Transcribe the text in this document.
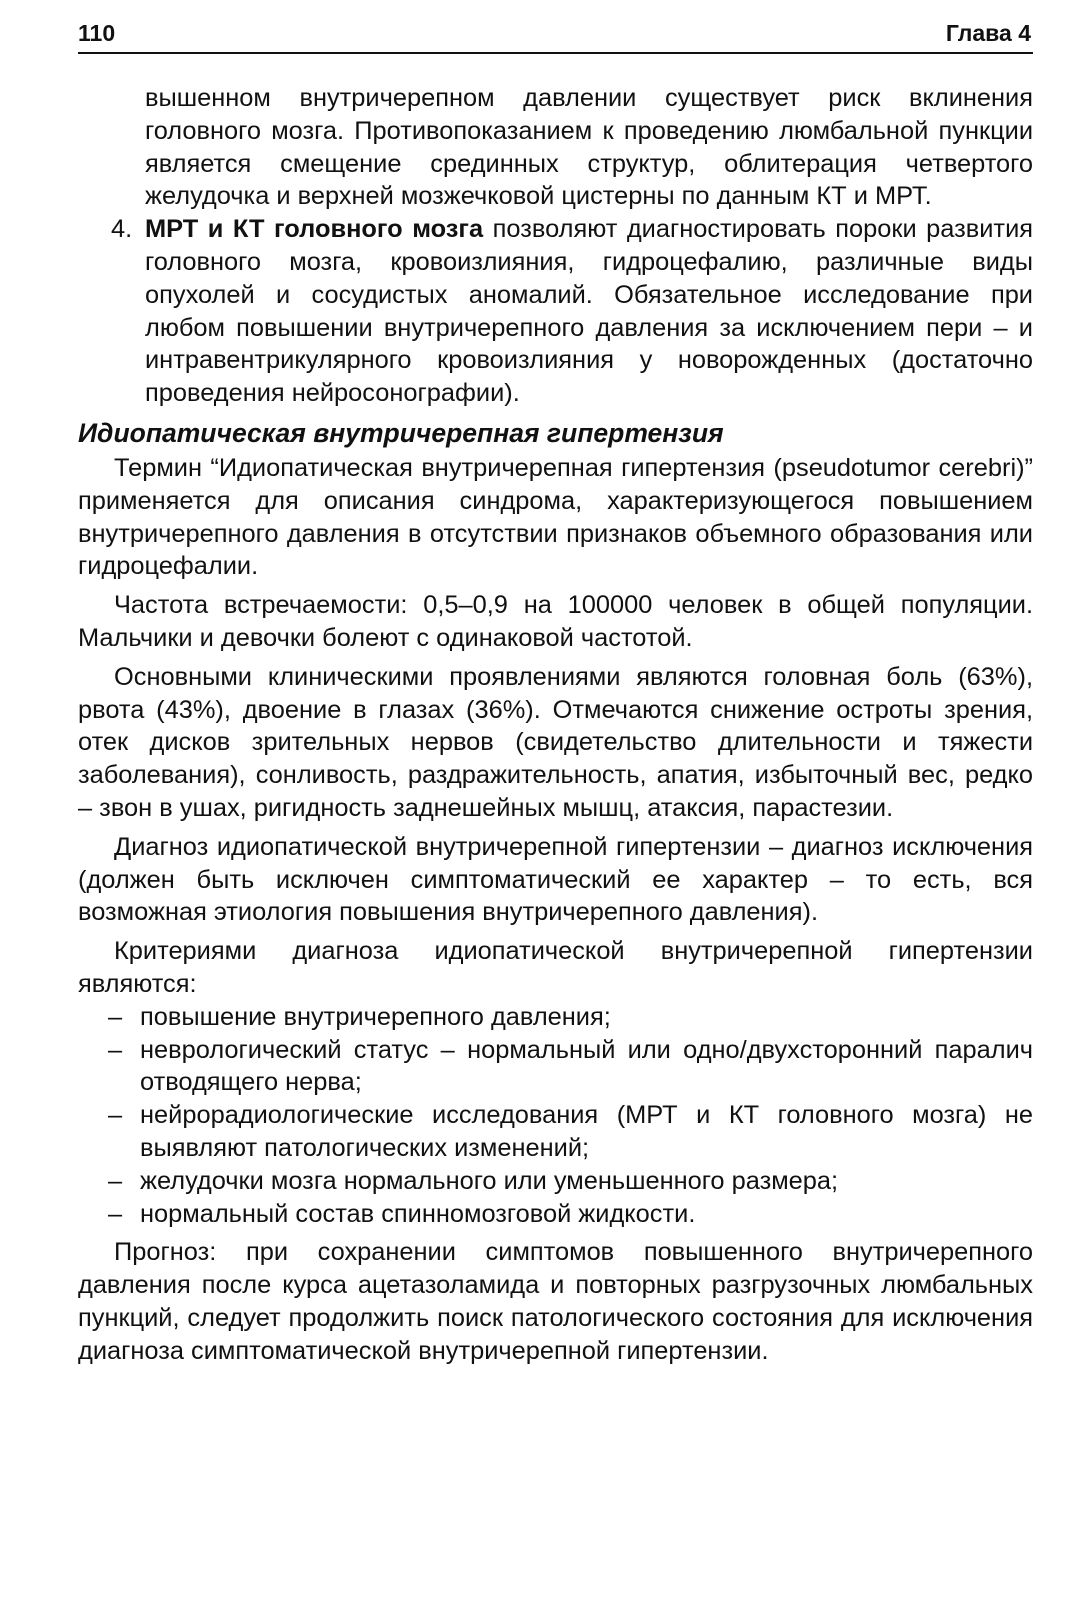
110	Глава 4

вышенном внутричерепном давлении существует риск вклинения головного мозга. Противопоказанием к проведению люмбальной пункции является смещение срединных структур, облитерация четвертого желудочка и верхней мозжечковой цистерны по данным КТ и МРТ.

4. МРТ и КТ головного мозга позволяют диагностировать пороки развития головного мозга, кровоизлияния, гидроцефалию, различные виды опухолей и сосудистых аномалий. Обязательное исследование при любом повышении внутричерепного давления за исключением пери – и интравентрикулярного кровоизлияния у новорожденных (достаточно проведения нейросонографии).

Идиопатическая внутричерепная гипертензия

Термин “Идиопатическая внутричерепная гипертензия (pseudotumor cerebri)” применяется для описания синдрома, характеризующегося повышением внутричерепного давления в отсутствии признаков объемного образования или гидроцефалии.

Частота встречаемости: 0,5–0,9 на 100000 человек в общей популяции. Мальчики и девочки болеют с одинаковой частотой.

Основными клиническими проявлениями являются головная боль (63%), рвота (43%), двоение в глазах (36%). Отмечаются снижение остроты зрения, отек дисков зрительных нервов (свидетельство длительности и тяжести заболевания), сонливость, раздражительность, апатия, избыточный вес, редко – звон в ушах, ригидность заднешейных мышц, атаксия, парастезии.

Диагноз идиопатической внутричерепной гипертензии – диагноз исключения (должен быть исключен симптоматический ее характер – то есть, вся возможная этиология повышения внутричерепного давления).

Критериями диагноза идиопатической внутричерепной гипертензии являются:

– повышение внутричерепного давления;
– неврологический статус – нормальный или одно/двухсторонний паралич отводящего нерва;
– нейрорадиологические исследования (МРТ и КТ головного мозга) не выявляют патологических изменений;
– желудочки мозга нормального или уменьшенного размера;
– нормальный состав спинномозговой жидкости.

Прогноз: при сохранении симптомов повышенного внутричерепного давления после курса ацетазоламида и повторных разгрузочных люмбальных пункций, следует продолжить поиск патологического состояния для исключения диагноза симптоматической внутричерепной гипертензии.
